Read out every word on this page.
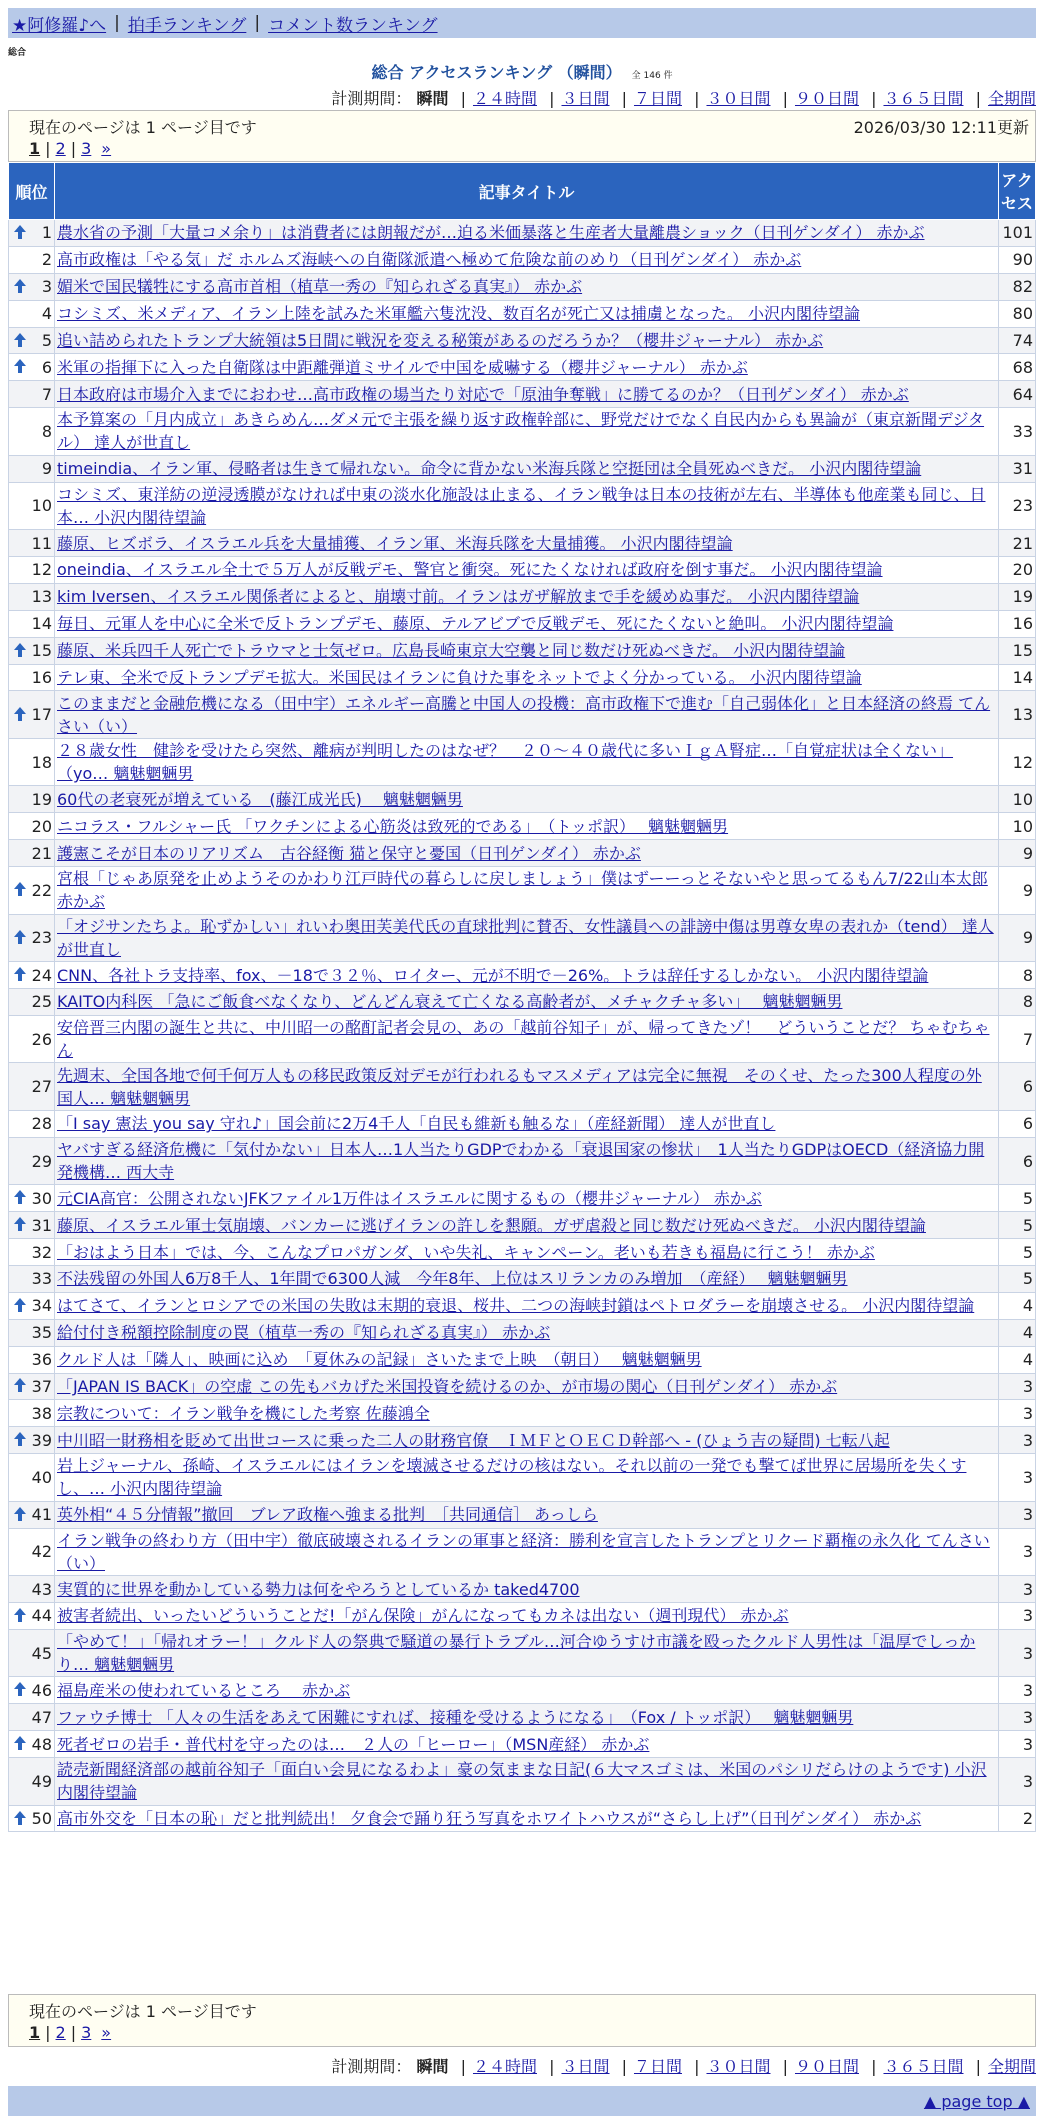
★阿修羅♪へ | 拍手ランキング | コメント数ランキング
総合
総合 アクセスランキング （瞬間） 全 146 件
計測期間： 瞬間 | ２４時間 | ３日間 | ７日間 | ３０日間 | ９０日間 | ３６５日間 | 全期間
現在のページは 1 ページ目です	2026/03/30 12:11更新
1 | 2 | 3 »
順位	記事タイトル	アクセス

1	農水省の予測「大量コメ余り」は消費者には朗報だが…迫る米価暴落と生産者大量離農ショック（日刊ゲンダイ） 赤かぶ	101
2	高市政権は「やる気」だ ホルムズ海峡への自衛隊派遣へ極めて危険な前のめり（日刊ゲンダイ） 赤かぶ	90

3	媚米で国民犠牲にする高市首相（植草一秀の『知られざる真実』） 赤かぶ	82
4	コシミズ、米メディア、イラン上陸を試みた米軍艦六隻沈没、数百名が死亡又は捕虜となった。 小沢内閣待望論	80

5	追い詰められたトランプ大統領は5日間に戦況を変える秘策があるのだろうか？（櫻井ジャーナル） 赤かぶ	74

6	米軍の指揮下に入った自衛隊は中距離弾道ミサイルで中国を威嚇する（櫻井ジャーナル） 赤かぶ	68
7	日本政府は市場介入までにおわせ…高市政権の場当たり対応で「原油争奪戦」に勝てるのか？（日刊ゲンダイ） 赤かぶ	64
8	本予算案の「月内成立」あきらめん…ダメ元で主張を繰り返す政権幹部に、野党だけでなく自民内からも異論が（東京新聞デジタル） 達人が世直し	33
9	timeindia、イラン軍、侵略者は生きて帰れない。命令に背かない米海兵隊と空挺団は全員死ぬべきだ。 小沢内閣待望論	31
10	コシミズ、東洋紡の逆浸透膜がなければ中東の淡水化施設は止まる、イラン戦争は日本の技術が左右、半導体も他産業も同じ、日本… 小沢内閣待望論	23
11	藤原、ヒズボラ、イスラエル兵を大量捕獲、イラン軍、米海兵隊を大量捕獲。 小沢内閣待望論	21
12	oneindia、イスラエル全土で５万人が反戦デモ、警官と衝突。死にたくなければ政府を倒す事だ。 小沢内閣待望論	20
13	kim Iversen、イスラエル関係者によると、崩壊寸前。イランはガザ解放まで手を緩めぬ事だ。 小沢内閣待望論	19
14	毎日、元軍人を中心に全米で反トランプデモ、藤原、テルアビブで反戦デモ、死にたくないと絶叫。 小沢内閣待望論	16

15	藤原、米兵四千人死亡でトラウマと士気ゼロ。広島長崎東京大空襲と同じ数だけ死ぬべきだ。 小沢内閣待望論	15
16	テレ東、全米で反トランプデモ拡大。米国民はイランに負けた事をネットでよく分かっている。 小沢内閣待望論	14

17	このままだと金融危機になる（田中宇）エネルギー高騰と中国人の投機：高市政権下で進む「自己弱体化」と日本経済の終焉 てんさい（い）	13
18	２８歳女性　健診を受けたら突然、離病が判明したのはなぜ？　２０～４０歳代に多いＩｇＡ腎症…「自覚症状は全くない」（yo… 魑魅魍魎男	12
19	60代の老衰死が増えている　(藤江成光氏)　 魑魅魍魎男	10
20	ニコラス・フルシャー氏 「ワクチンによる心筋炎は致死的である」　（トッポ訳）　 魑魅魍魎男	10
21	護憲こそが日本のリアリズム　古谷経衡 猫と保守と憂国（日刊ゲンダイ） 赤かぶ	9

22	宮根「じゃあ原発を止めようそのかわり江戸時代の暮らしに戻しましょう」僕はずーーっとそないやと思ってるもん7/22山本太郎 赤かぶ	9

23	「オジサンたちよ。恥ずかしい」れいわ奥田芙美代氏の直球批判に賛否、女性議員への誹謗中傷は男尊女卑の表れか（tend） 達人が世直し	9

24	CNN、各社トラ支持率、fox、－18で３２％、ロイター、元が不明で－26%。トラは辞任するしかない。 小沢内閣待望論	8
25	KAITO内科医 「急にご飯食べなくなり、どんどん衰えて亡くなる高齢者が、メチャクチャ多い」　 魑魅魍魎男	8
26	安倍晋三内閣の誕生と共に、中川昭一の酩酊記者会見の、あの「越前谷知子」が、帰ってきたゾ！　どういうことだ？ ちゃむちゃん	7
27	先週末、全国各地で何千何万人もの移民政策反対デモが行われるもマスメディアは完全に無視　そのくせ、たった300人程度の外国人… 魑魅魍魎男	6
28	「I say 憲法 you say 守れ♪」国会前に2万4千人「自民も維新も触るな」（産経新聞） 達人が世直し	6
29	ヤバすぎる経済危機に「気付かない」日本人…1人当たりGDPでわかる「衰退国家の惨状」　1人当たりGDPはOECD（経済協力開発機構… 西大寺	6

30	元CIA高官：公開されないJFKファイル1万件はイスラエルに関するもの（櫻井ジャーナル） 赤かぶ	5

31	藤原、イスラエル軍士気崩壊、バンカーに逃げイランの許しを懇願。ガザ虐殺と同じ数だけ死ぬべきだ。 小沢内閣待望論	5
32	「おはよう日本」では、今、こんなプロパガンダ、いや失礼、キャンペーン。老いも若きも福島に行こう！ 赤かぶ	5
33	不法残留の外国人6万8千人、1年間で6300人減　今年8年、上位はスリランカのみ増加　（産経）　 魑魅魍魎男	5

34	はてさて、イランとロシアでの米国の失敗は末期的衰退、桜井、二つの海峡封鎖はペトロダラーを崩壊させる。 小沢内閣待望論	4
35	給付付き税額控除制度の罠（植草一秀の『知られざる真実』） 赤かぶ	4
36	クルド人は「隣人」、映画に込め　「夏休みの記録」さいたまで上映　（朝日）　 魑魅魍魎男	4

37	「JAPAN IS BACK」の空虚 この先もバカげた米国投資を続けるのか、が市場の関心（日刊ゲンダイ） 赤かぶ	3
38	宗教について：イラン戦争を機にした考察 佐藤鴻全	3

39	中川昭一財務相を貶めて出世コースに乗った二人の財務官僚　ＩＭＦとＯＥＣＤ幹部へ - (ひょう吉の疑問) 七転八起	3
40	岩上ジャーナル、孫崎、イスラエルにはイランを壊滅させるだけの核はない。それ以前の一発でも撃てば世界に居場所を失くすし、… 小沢内閣待望論	3

41	英外相“４５分情報”撤回　ブレア政権へ強まる批判　［共同通信］ あっしら	3
42	イラン戦争の終わり方（田中宇）徹底破壊されるイランの軍事と経済：勝利を宣言したトランプとリクード覇権の永久化 てんさい（い）	3
43	実質的に世界を動かしている勢力は何をやろうとしているか taked4700	3

44	被害者続出、いったいどういうことだ!「がん保険」がんになってもカネは出ない（週刊現代） 赤かぶ	3
45	「やめて！」「帰れオラー！」クルド人の祭典で騒道の暴行トラブル…河合ゆうすけ市議を殴ったクルド人男性は「温厚でしっかり… 魑魅魍魎男	3

46	福島産米の使われているところ　 赤かぶ	3
47	ファウチ博士 「人々の生活をあえて困難にすれば、接種を受けるようになる」　（Fox / トッポ訳）　 魑魅魍魎男	3

48	死者ゼロの岩手・普代村を守ったのは…　２人の「ヒーロー」（MSN産経） 赤かぶ	3
49	読売新聞経済部の越前谷知子「面白い会見になるわよ」豪の気ままな日記(６大マスゴミは、米国のパシリだらけのようです) 小沢内閣待望論	3

50	高市外交を「日本の恥」だと批判続出！ 夕食会で踊り狂う写真をホワイトハウスが“さらし上げ”（日刊ゲンダイ） 赤かぶ	2
現在のページは 1 ページ目です
1 | 2 | 3 »
計測期間： 瞬間 | ２４時間 | ３日間 | ７日間 | ３０日間 | ９０日間 | ３６５日間 | 全期間
▲ page top ▲
